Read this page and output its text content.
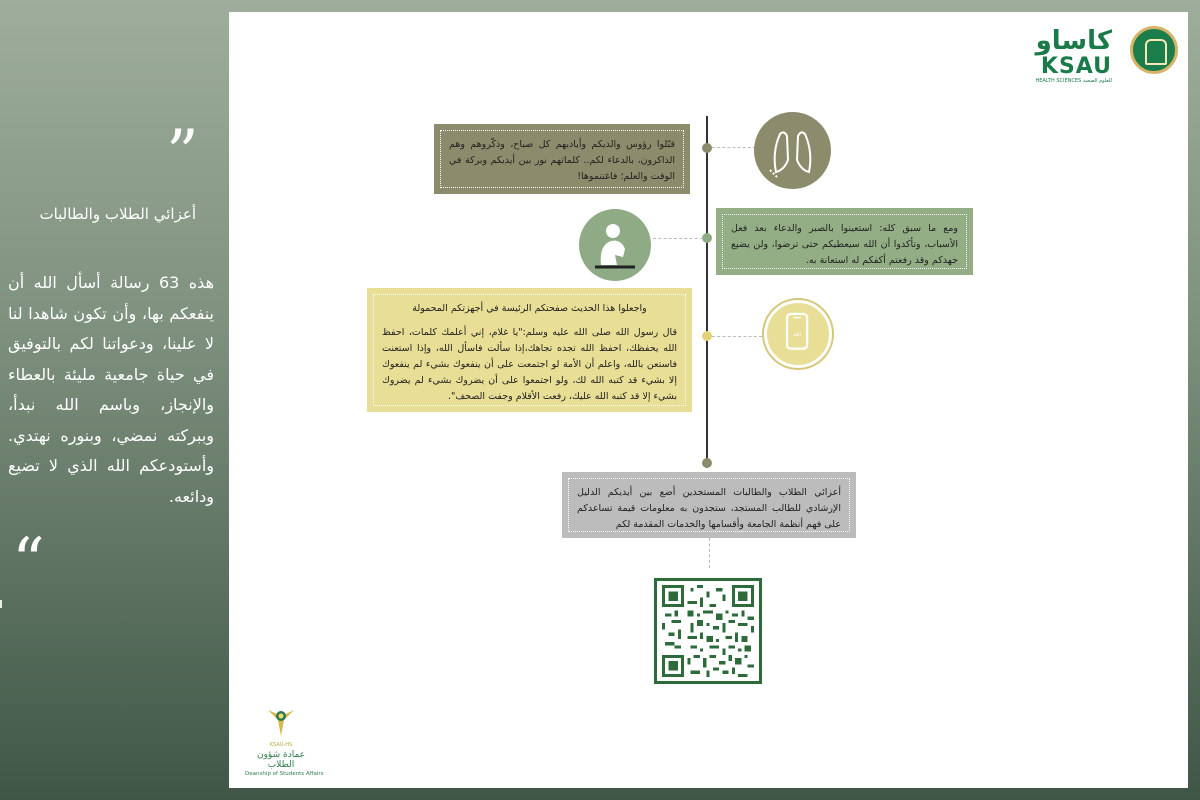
”
أعزائي الطلاب والطالبات
هذه 63 رسالة أسأل الله أن ينفعكم بها، وأن تكون شاهدا لنا لا علينا، ودعواتنا لكم بالتوفيق في حياة جامعية مليئة بالعطاء والإنجاز، وباسم الله نبدأ، وببركته نمضي، وبنوره نهتدي. وأستودعكم الله الذي لا تضيع ودائعه.
“
كاساو
KSAU
HEALTH SCIENCES للعلوم الصحية
قبّلوا رؤوس والديكم وأياديهم كل صباح، وذكّروهم وهم الذاكرون، بالدعاء لكم.. كلماتهم نور بين أيديكم وبركة في الوقت والعلم؛ فاغتنموها!
ومع ما سبق كله: استعينوا بالصبر والدعاء بعد فعل الأسباب، وتأكدوا أن الله سيعطيكم حتى ترضوا، ولن يضيع جهدكم وقد رفعتم أكفكم له استعانة به.
واجعلوا هذا الحديث صفحتكم الرئيسة في أجهزتكم المحمولة
قال رسول الله صلى الله عليه وسلم:"يا غلام، إني أعلمك كلمات، احفظ الله يحفظك، احفظ الله تجده تجاهك،إذا سألت فاسأل الله، وإذا استعنت فاستعن بالله، واعلم أن الأمة لو اجتمعت على أن ينفعوك بشيء لم ينفعوك إلا بشيء قد كتبه الله لك، ولو اجتمعوا على أن يضروك بشيء لم يضروك بشيء إلا قد كتبه الله عليك، رفعت الأقلام وجفت الصحف".
أعزائي الطلاب والطالبات المستجدين أضع بين أيديكم الدليل الإرشادي للطالب المستجد، ستجدون به معلومات قيمة تساعدكم على فهم أنظمة الجامعة وأقسامها والخدمات المقدمة لكم
الله
KSAU-HS
عمادة شؤون الطلاب
Deanship of Students Affairs
